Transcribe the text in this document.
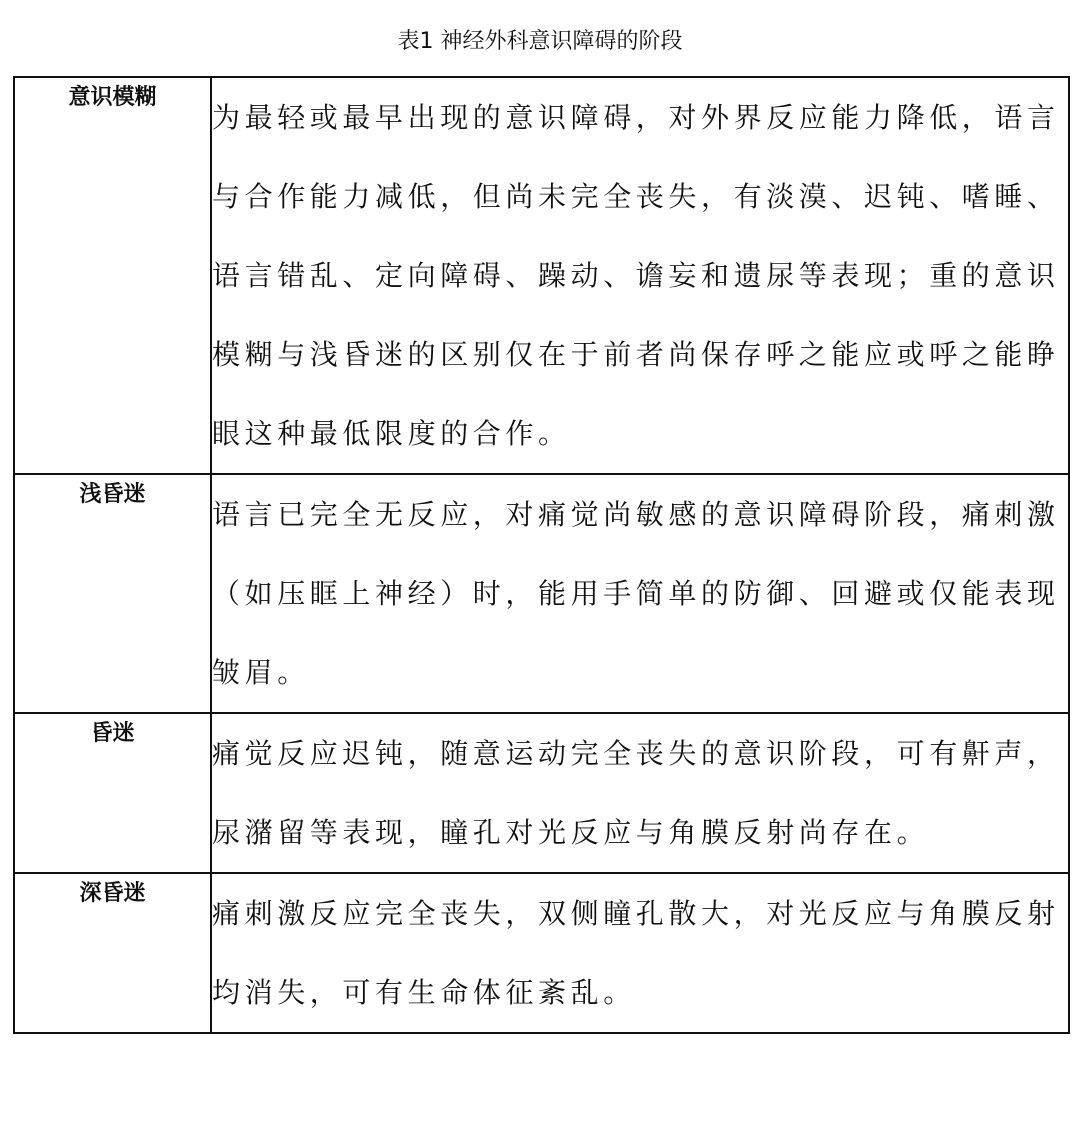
表1 神经外科意识障碍的阶段
意识模糊	为最轻或最早出现的意识障碍，对外界反应能力降低，语言与合作能力减低，但尚未完全丧失，有淡漠、迟钝、嗜睡、语言错乱、定向障碍、躁动、谵妄和遗尿等表现；重的意识模糊与浅昏迷的区别仅在于前者尚保存呼之能应或呼之能睁眼这种最低限度的合作。
浅昏迷	语言已完全无反应，对痛觉尚敏感的意识障碍阶段，痛刺激（如压眶上神经）时，能用手简单的防御、回避或仅能表现皱眉。
昏迷	痛觉反应迟钝，随意运动完全丧失的意识阶段，可有鼾声，尿潴留等表现，瞳孔对光反应与角膜反射尚存在。
深昏迷	痛刺激反应完全丧失，双侧瞳孔散大，对光反应与角膜反射均消失，可有生命体征紊乱。
